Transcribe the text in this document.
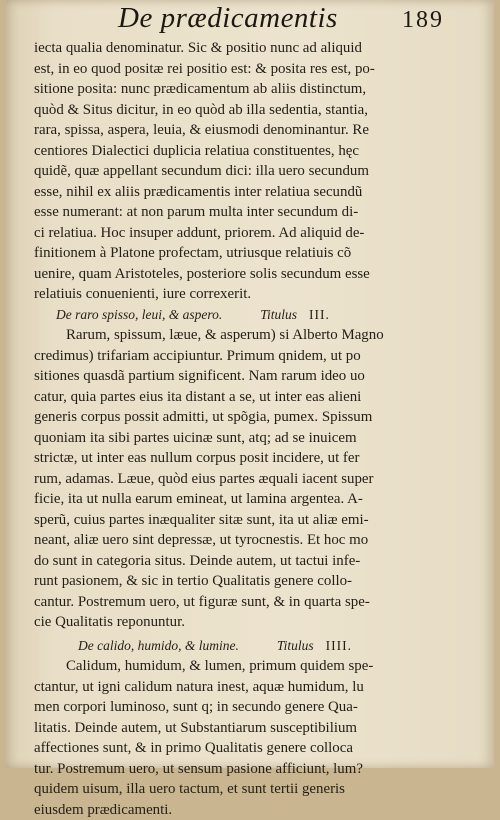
De prædicamentis	189
iecta qualia denominatur. Sic & positio nunc ad aliquid
est, in eo quod positæ rei positio est: & posita res est, po-
sitione posita: nunc prædicamentum ab aliis distinctum,
quòd & Situs dicitur, in eo quòd ab illa sedentia, stantia,
rara, spissa, aspera, leuia, & eiusmodi denominantur. Re
centiores Dialectici duplicia relatiua constituentes, hęc
quidẽ, quæ appellant secundum dici: illa uero secundum
esse, nihil ex aliis prædicamentis inter relatiua secundũ
esse numerant: at non parum multa inter secundum di-
ci relatiua. Hoc insuper addunt, priorem. Ad aliquid de-
finitionem à Platone profectam, utriusque relatiuis cõ
uenire, quam Aristoteles, posteriore solis secundum esse
relatiuis conuenienti, iure correxerit.
De raro spisso, leui, & aspero.	Titulus III.
Rarum, spissum, læue, & asperum) si Alberto Magno
credimus) trifariam accipiuntur. Primum qnidem, ut po
sitiones quasdã partium significent. Nam rarum ideo uo
catur, quia partes eius ita distant a se, ut inter eas alieni
generis corpus possit admitti, ut spõgia, pumex. Spissum
quoniam ita sibi partes uicinæ sunt, atq; ad se inuicem
strictæ, ut inter eas nullum corpus posit incidere, ut fer
rum, adamas. Læue, quòd eius partes æquali iacent super
ficie, ita ut nulla earum emineat, ut lamina argentea. A-
sperũ, cuius partes inæqualiter sitæ sunt, ita ut aliæ emi-
neant, aliæ uero sint depressæ, ut tyrocnestis. Et hoc mo
do sunt in categoria situs. Deinde autem, ut tactui infe-
runt pasionem, & sic in tertio Qualitatis genere collo-
cantur. Postremum uero, ut figuræ sunt, & in quarta spe-
cie Qualitatis reponuntur.
De calido, humido, & lumine.	Titulus IIII.
Calidum, humidum, & lumen, primum quidem spe-
ctantur, ut igni calidum natura inest, aquæ humidum, lu
men corpori luminoso, sunt q; in secundo genere Qua-
litatis. Deinde autem, ut Substantiarum susceptibilium
affectiones sunt, & in primo Qualitatis genere colloca
tur. Postremum uero, ut sensum pasione afficiunt, lum?
quidem uisum, illa uero tactum, et sunt tertii generis
eiusdem prædicamenti.
